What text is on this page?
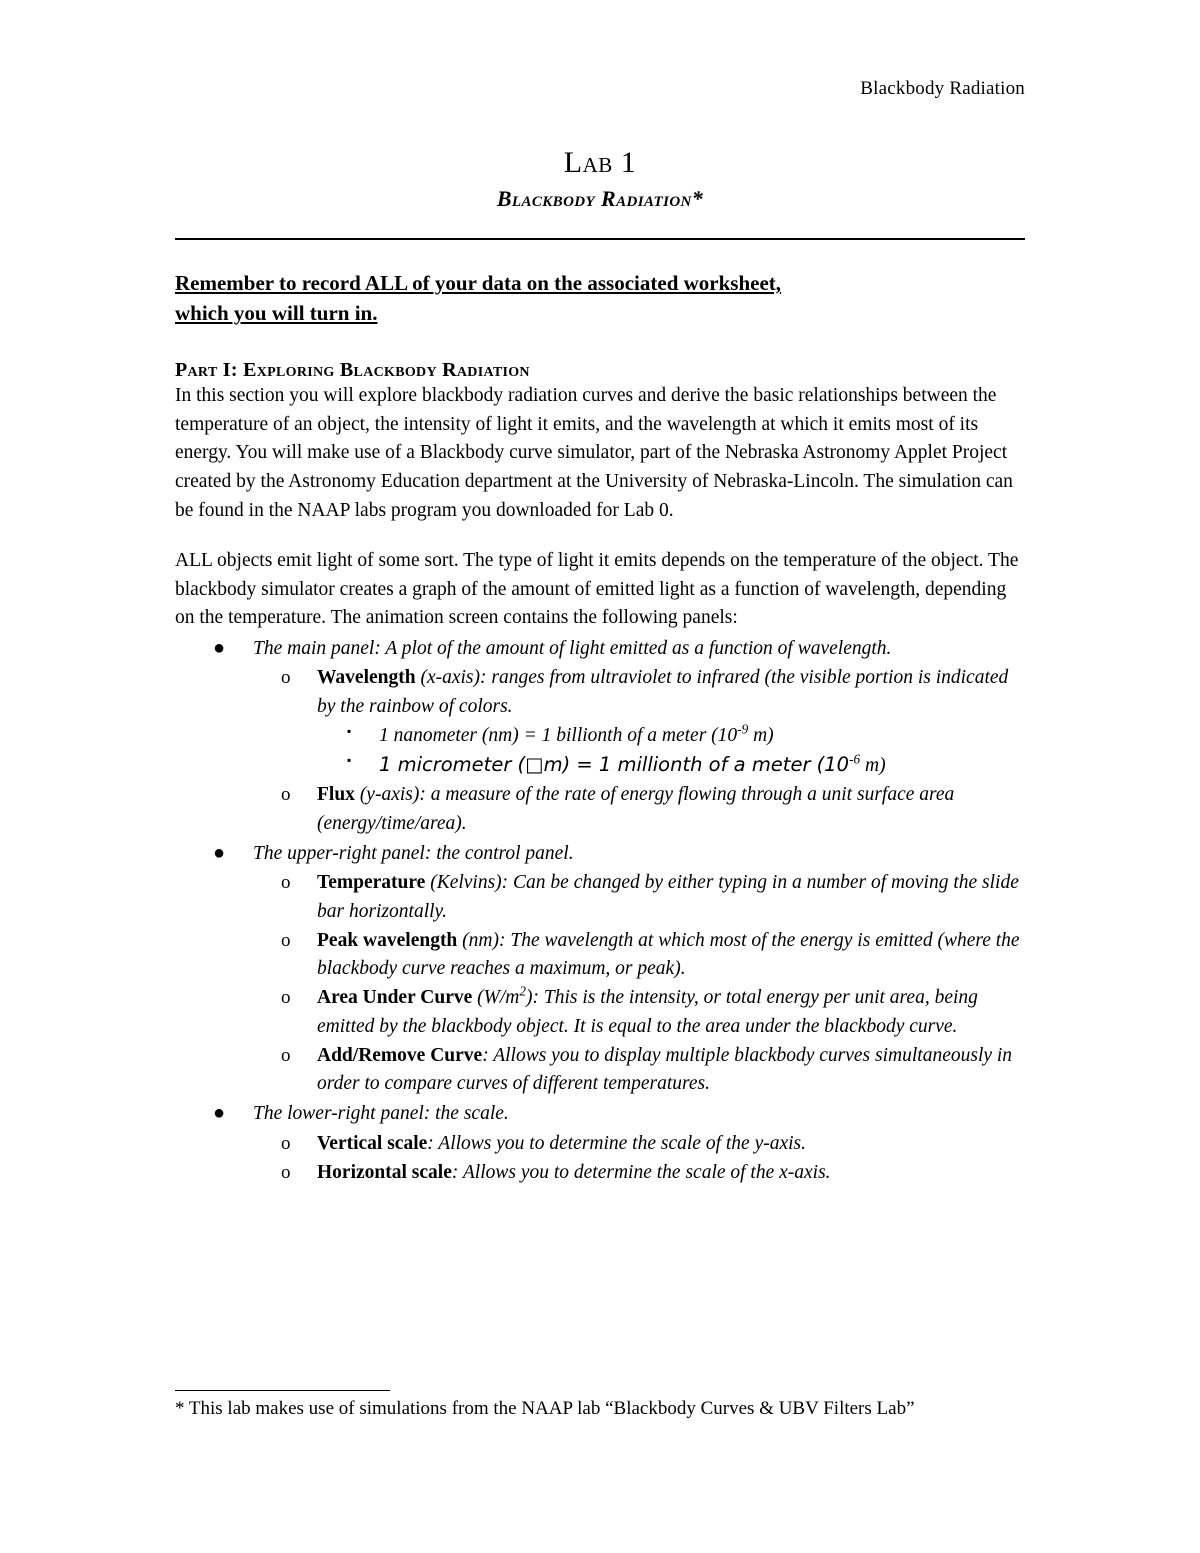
Blackbody Radiation
Lab 1
Blackbody Radiation*
Remember to record ALL of your data on the associated worksheet,
which you will turn in.
Part I: Exploring Blackbody Radiation

In this section you will explore blackbody radiation curves and derive the basic relationships between the temperature of an object, the intensity of light it emits, and the wavelength at which it emits most of its energy. You will make use of a Blackbody curve simulator, part of the Nebraska Astronomy Applet Project created by the Astronomy Education department at the University of Nebraska-Lincoln. The simulation can be found in the NAAP labs program you downloaded for Lab 0.

ALL objects emit light of some sort. The type of light it emits depends on the temperature of the object. The blackbody simulator creates a graph of the amount of emitted light as a function of wavelength, depending on the temperature. The animation screen contains the following panels:

● The main panel: A plot of the amount of light emitted as a function of wavelength.
o Wavelength (x-axis): ranges from ultraviolet to infrared (the visible portion is indicated by the rainbow of colors.
▪ 1 nanometer (nm) = 1 billionth of a meter ($10^{-9}$ m)
▪ 1 micrometer (□m) = 1 millionth of a meter ($10^{-6}$ m)
o Flux (y-axis): a measure of the rate of energy flowing through a unit surface area (energy/time/area).
● The upper-right panel: the control panel.
o Temperature (Kelvins): Can be changed by either typing in a number of moving the slide bar horizontally.
o Peak wavelength (nm): The wavelength at which most of the energy is emitted (where the blackbody curve reaches a maximum, or peak).
o Area Under Curve $(W/m^2)$: This is the intensity, or total energy per unit area, being emitted by the blackbody object. It is equal to the area under the blackbody curve.
o Add/Remove Curve: Allows you to display multiple blackbody curves simultaneously in order to compare curves of different temperatures.
● The lower-right panel: the scale.
o Vertical scale: Allows you to determine the scale of the y-axis.
o Horizontal scale: Allows you to determine the scale of the x-axis.
* This lab makes use of simulations from the NAAP lab “Blackbody Curves & UBV Filters Lab”
